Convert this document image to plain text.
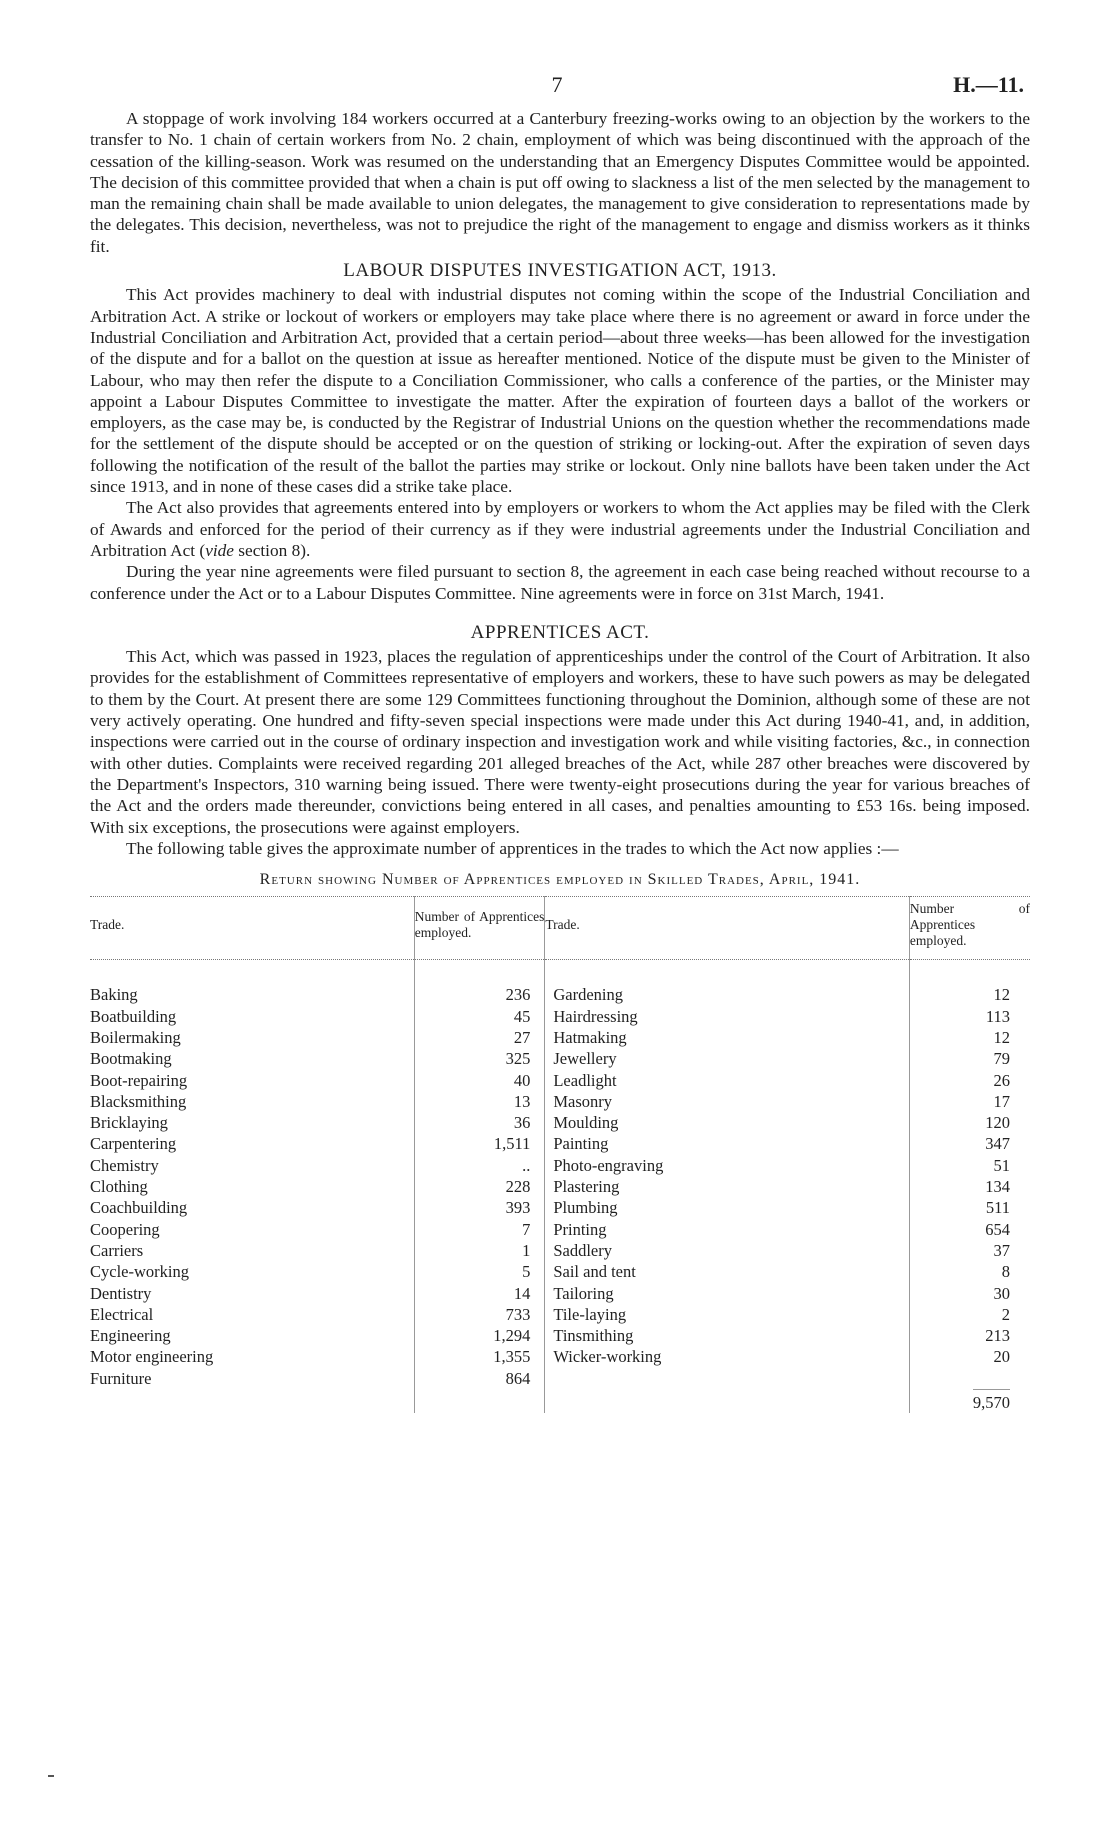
7	H.—11.

A stoppage of work involving 184 workers occurred at a Canterbury freezing-works owing to an objection by the workers to the transfer to No. 1 chain of certain workers from No. 2 chain, employment of which was being discontinued with the approach of the cessation of the killing-season. Work was resumed on the understanding that an Emergency Disputes Committee would be appointed. The decision of this committee provided that when a chain is put off owing to slackness a list of the men selected by the management to man the remaining chain shall be made available to union delegates, the management to give consideration to representations made by the delegates. This decision, nevertheless, was not to prejudice the right of the management to engage and dismiss workers as it thinks fit.

LABOUR DISPUTES INVESTIGATION ACT, 1913.

This Act provides machinery to deal with industrial disputes not coming within the scope of the Industrial Conciliation and Arbitration Act. A strike or lockout of workers or employers may take place where there is no agreement or award in force under the Industrial Conciliation and Arbitration Act, provided that a certain period—about three weeks—has been allowed for the investigation of the dispute and for a ballot on the question at issue as hereafter mentioned. Notice of the dispute must be given to the Minister of Labour, who may then refer the dispute to a Conciliation Commissioner, who calls a conference of the parties, or the Minister may appoint a Labour Disputes Committee to investigate the matter. After the expiration of fourteen days a ballot of the workers or employers, as the case may be, is conducted by the Registrar of Industrial Unions on the question whether the recommendations made for the settlement of the dispute should be accepted or on the question of striking or locking-out. After the expiration of seven days following the notification of the result of the ballot the parties may strike or lockout. Only nine ballots have been taken under the Act since 1913, and in none of these cases did a strike take place.

The Act also provides that agreements entered into by employers or workers to whom the Act applies may be filed with the Clerk of Awards and enforced for the period of their currency as if they were industrial agreements under the Industrial Conciliation and Arbitration Act (vide section 8).

During the year nine agreements were filed pursuant to section 8, the agreement in each case being reached without recourse to a conference under the Act or to a Labour Disputes Committee. Nine agreements were in force on 31st March, 1941.

APPRENTICES ACT.

This Act, which was passed in 1923, places the regulation of apprenticeships under the control of the Court of Arbitration. It also provides for the establishment of Committees representative of employers and workers, these to have such powers as may be delegated to them by the Court. At present there are some 129 Committees functioning throughout the Dominion, although some of these are not very actively operating. One hundred and fifty-seven special inspections were made under this Act during 1940-41, and, in addition, inspections were carried out in the course of ordinary inspection and investigation work and while visiting factories, &c., in connection with other duties. Complaints were received regarding 201 alleged breaches of the Act, while 287 other breaches were discovered by the Department's Inspectors, 310 warning being issued. There were twenty-eight prosecutions during the year for various breaches of the Act and the orders made thereunder, convictions being entered in all cases, and penalties amounting to £53 16s. being imposed. With six exceptions, the prosecutions were against employers.

The following table gives the approximate number of apprentices in the trades to which the Act now applies :—

Return showing Number of Apprentices employed in Skilled Trades, April, 1941.
Trade.	Number of Apprentices employed.	Trade.	Number of Apprentices employed.

Baking	236	Gardening	12
Boatbuilding	45	Hairdressing	113
Boilermaking	27	Hatmaking	12
Bootmaking	325	Jewellery	79
Boot-repairing	40	Leadlight	26
Blacksmithing	13	Masonry	17
Bricklaying	36	Moulding	120
Carpentering	1,511	Painting	347
Chemistry	..	Photo-engraving	51
Clothing	228	Plastering	134
Coachbuilding	393	Plumbing	511
Coopering	7	Printing	654
Carriers	1	Saddlery	37
Cycle-working	5	Sail and tent	8
Dentistry	14	Tailoring	30
Electrical	733	Tile-laying	2
Engineering	1,294	Tinsmithing	213
Motor engineering	1,355	Wicker-working	20
Furniture	864		
			9,570
